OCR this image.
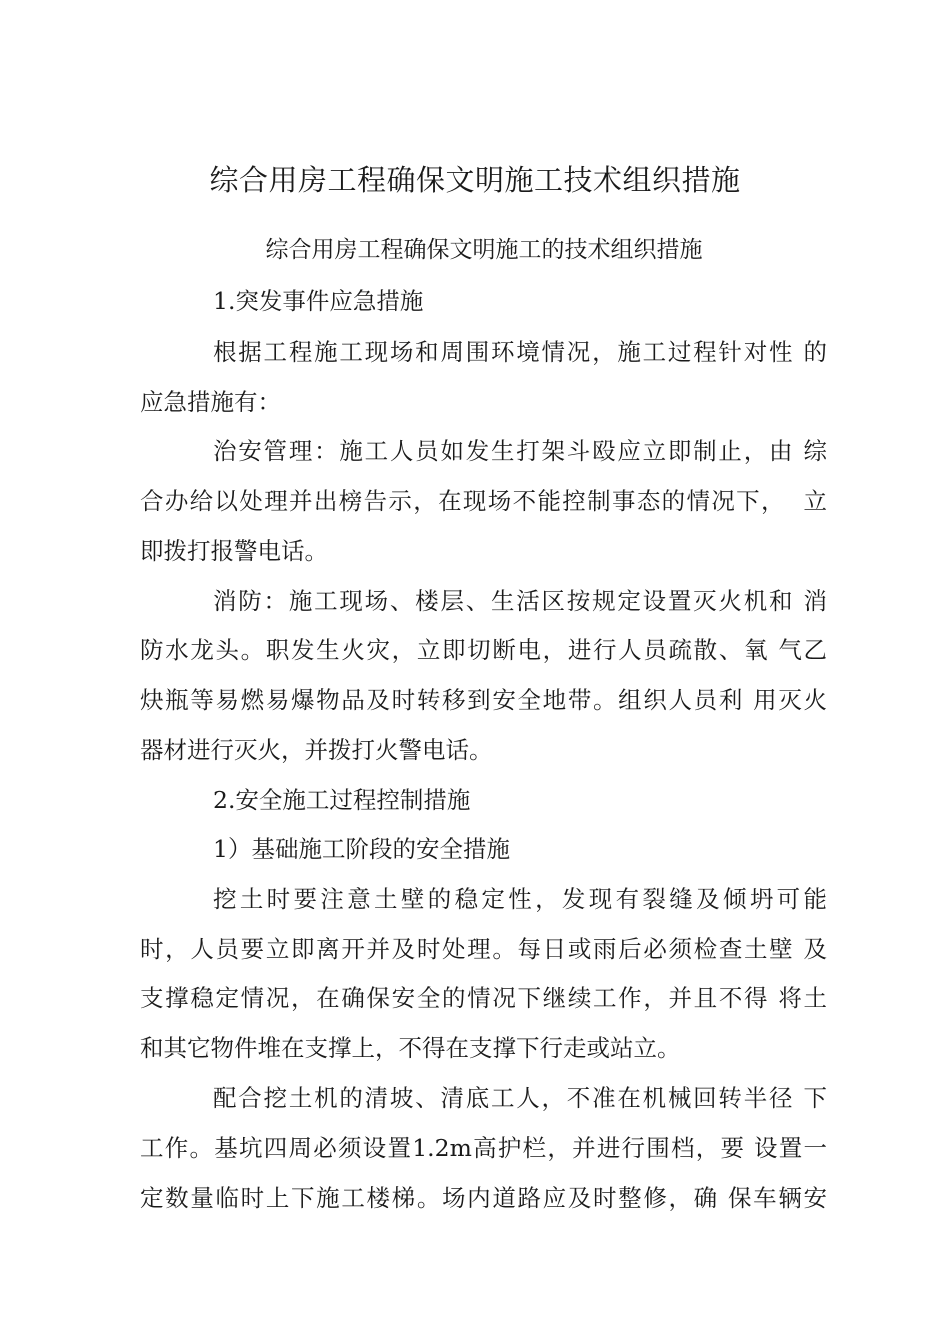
综合用房工程确保文明施工技术组织措施
综合用房工程确保文明施工的技术组织措施
1.突发事件应急措施
根据工程施工现场和周围环境情况，施工过程针对性 的
应急措施有：
治安管理：施工人员如发生打架斗殴应立即制止，由 综
合办给以处理并出榜告示，在现场不能控制事态的情况下，  立
即拨打报警电话。
消防：施工现场、楼层、生活区按规定设置灭火机和 消
防水龙头。职发生火灾，立即切断电，进行人员疏散、氧 气乙
炔瓶等易燃易爆物品及时转移到安全地带。组织人员利 用灭火
器材进行灭火，并拨打火警电话。
2.安全施工过程控制措施
1）基础施工阶段的安全措施
挖土时要注意土壁的稳定性，发现有裂缝及倾坍可能
时，人员要立即离开并及时处理。每日或雨后必须检查土壁 及
支撑稳定情况，在确保安全的情况下继续工作，并且不得 将土
和其它物件堆在支撑上，不得在支撑下行走或站立。
配合挖土机的清坡、清底工人，不准在机械回转半径 下
工作。基坑四周必须设置1.2m高护栏，并进行围档，要 设置一
定数量临时上下施工楼梯。场内道路应及时整修，确 保车辆安
